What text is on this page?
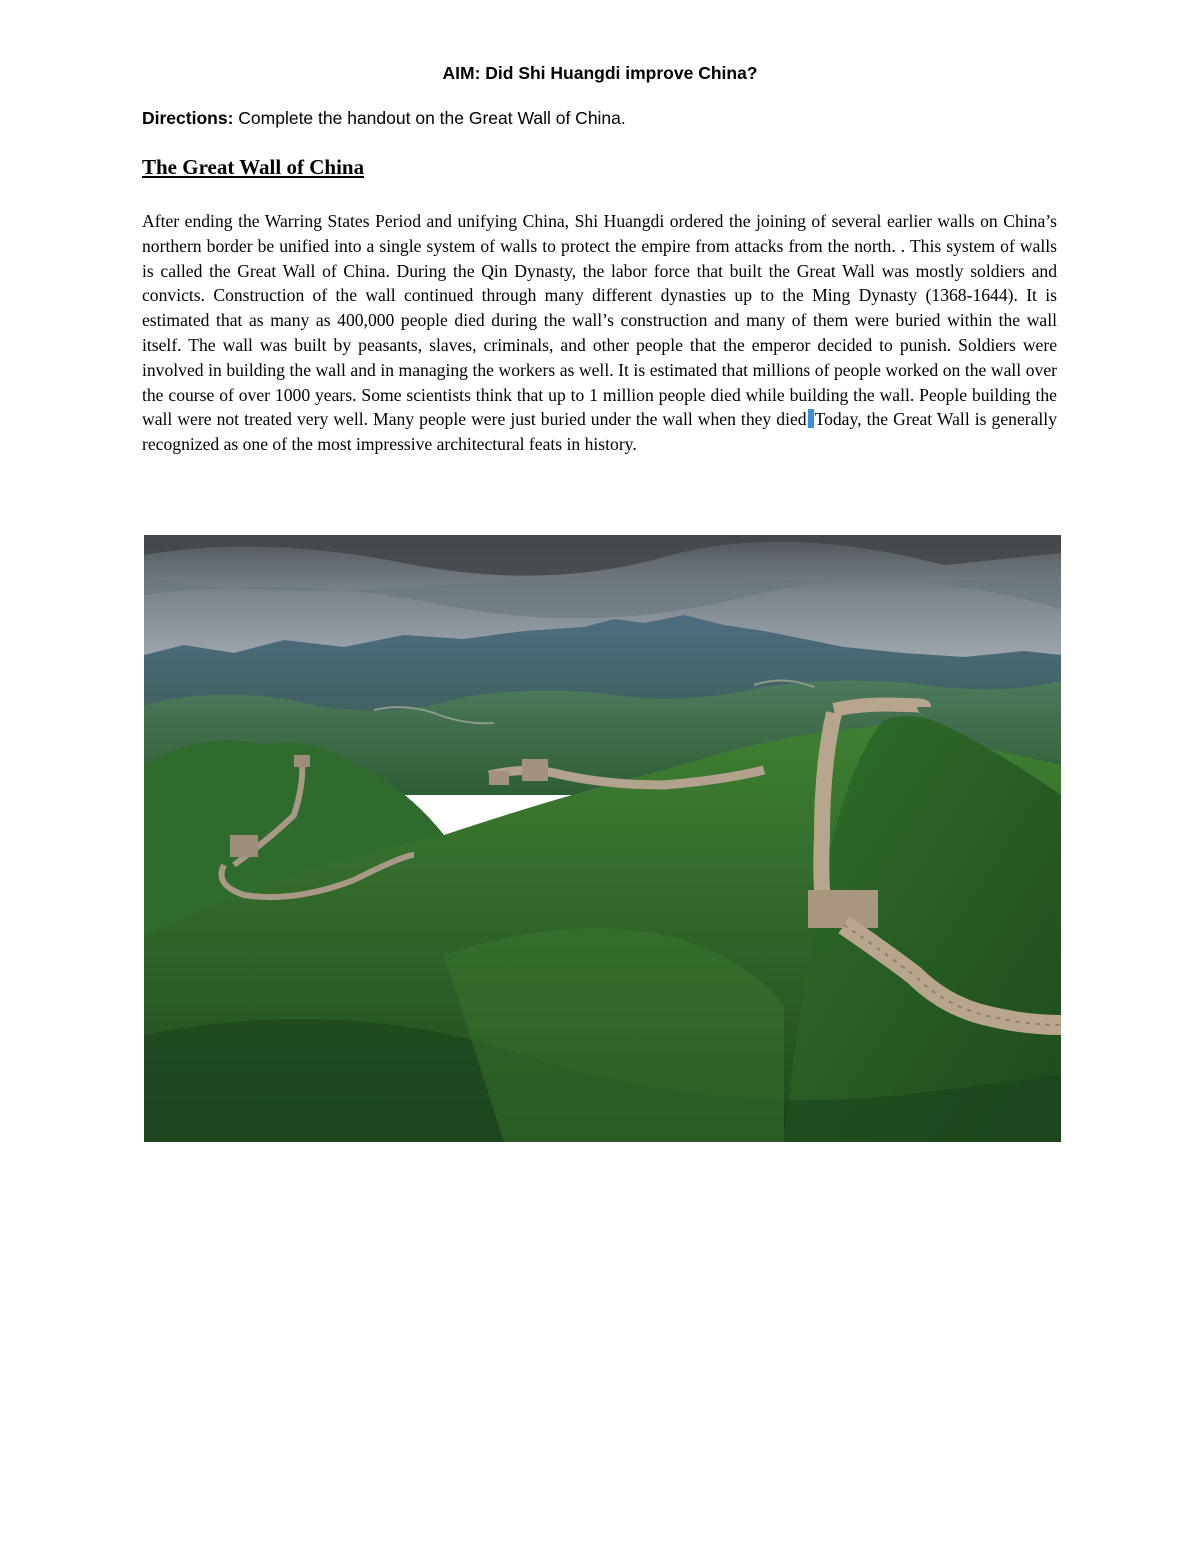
AIM: Did Shi Huangdi improve China?
Directions: Complete the handout on the Great Wall of China.
The Great Wall of China

After ending the Warring States Period and unifying China, Shi Huangdi ordered the joining of several earlier walls on China’s northern border be unified into a single system of walls to protect the empire from attacks from the north. . This system of walls is called the Great Wall of China. During the Qin Dynasty, the labor force that built the Great Wall was mostly soldiers and convicts. Construction of the wall continued through many different dynasties up to the Ming Dynasty (1368-1644). It is estimated that as many as 400,000 people died during the wall’s construction and many of them were buried within the wall itself. The wall was built by peasants, slaves, criminals, and other people that the emperor decided to punish. Soldiers were involved in building the wall and in managing the workers as well. It is estimated that millions of people worked on the wall over the course of over 1000 years. Some scientists think that up to 1 million people died while building the wall. People building the wall were not treated very well. Many people were just buried under the wall when they died Today, the Great Wall is generally recognized as one of the most impressive architectural feats in history.
